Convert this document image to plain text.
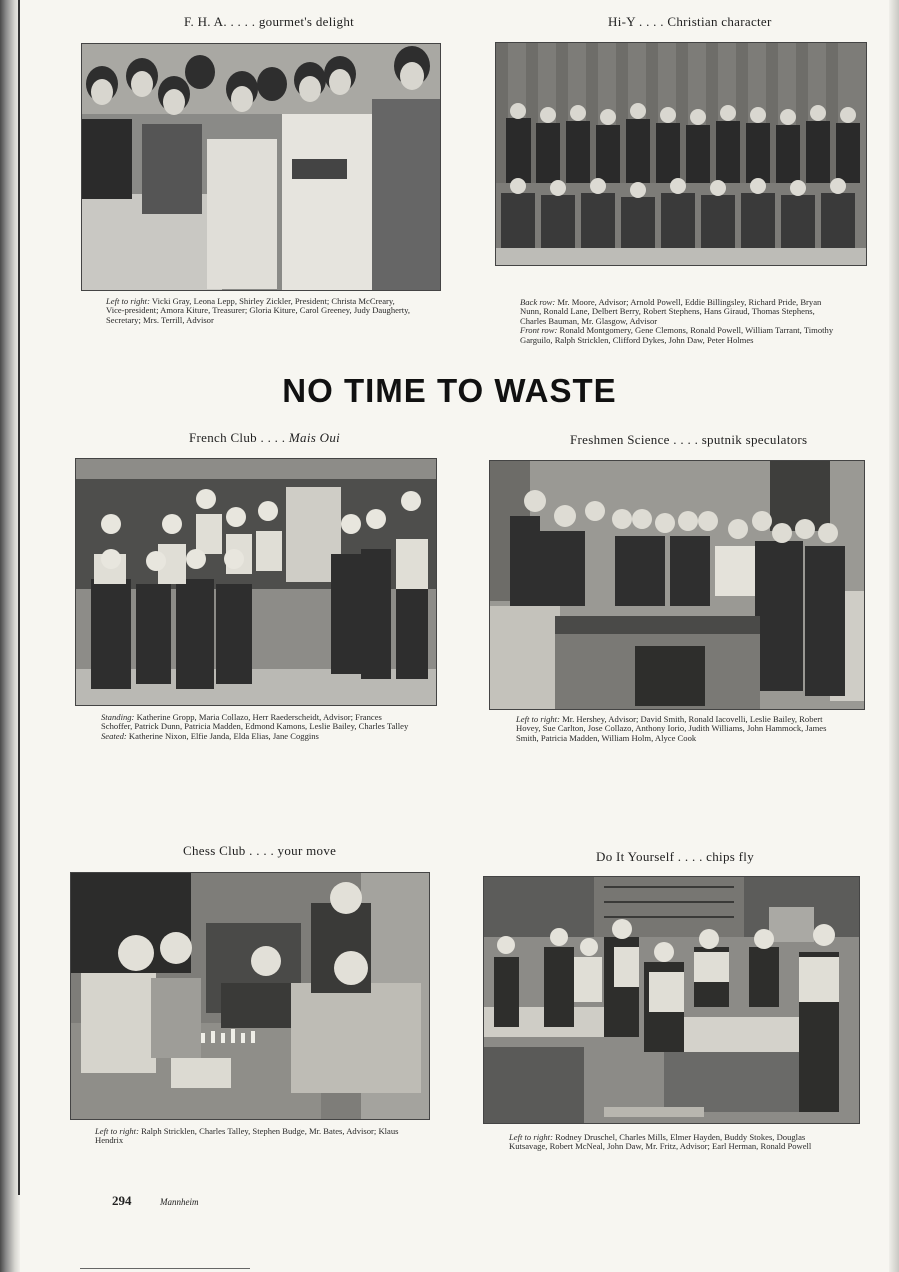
F. H. A. . . . . gourmet's delight
Left to right: Vicki Gray, Leona Lepp, Shirley Zickler, President; Christa McCreary, Vice-president; Amora Kiture, Treasurer; Gloria Kiture, Carol Greeney, Judy Daugherty, Secretary; Mrs. Terrill, Advisor
Hi-Y . . . . Christian character
Back row: Mr. Moore, Advisor; Arnold Powell, Eddie Billingsley, Richard Pride, Bryan Nunn, Ronald Lane, Delbert Berry, Robert Stephens, Hans Giraud, Thomas Stephens, Charles Bauman, Mr. Glasgow, Advisor
Front row: Ronald Montgomery, Gene Clemons, Ronald Powell, William Tarrant, Timothy Garguilo, Ralph Stricklen, Clifford Dykes, John Daw, Peter Holmes
NO TIME TO WASTE
French Club . . . . Mais Oui
Standing: Katherine Gropp, Maria Collazo, Herr Raederscheidt, Advisor; Frances Schoffer, Patrick Dunn, Patricia Madden, Edmond Kamons, Leslie Bailey, Charles Talley
Seated: Katherine Nixon, Elfie Janda, Elda Elias, Jane Coggins
Freshmen Science . . . . sputnik speculators
Left to right: Mr. Hershey, Advisor; David Smith, Ronald Iacovelli, Leslie Bailey, Robert Hovey, Sue Carlton, Jose Collazo, Anthony Iorio, Judith Williams, John Hammock, James Smith, Patricia Madden, William Holm, Alyce Cook
Chess Club . . . . your move
Left to right: Ralph Stricklen, Charles Talley, Stephen Budge, Mr. Bates, Advisor; Klaus Hendrix
Do It Yourself . . . . chips fly
Left to right: Rodney Druschel, Charles Mills, Elmer Hayden, Buddy Stokes, Douglas Kutsavage, Robert McNeal, John Daw, Mr. Fritz, Advisor; Earl Herman, Ronald Powell
294	Mannheim
